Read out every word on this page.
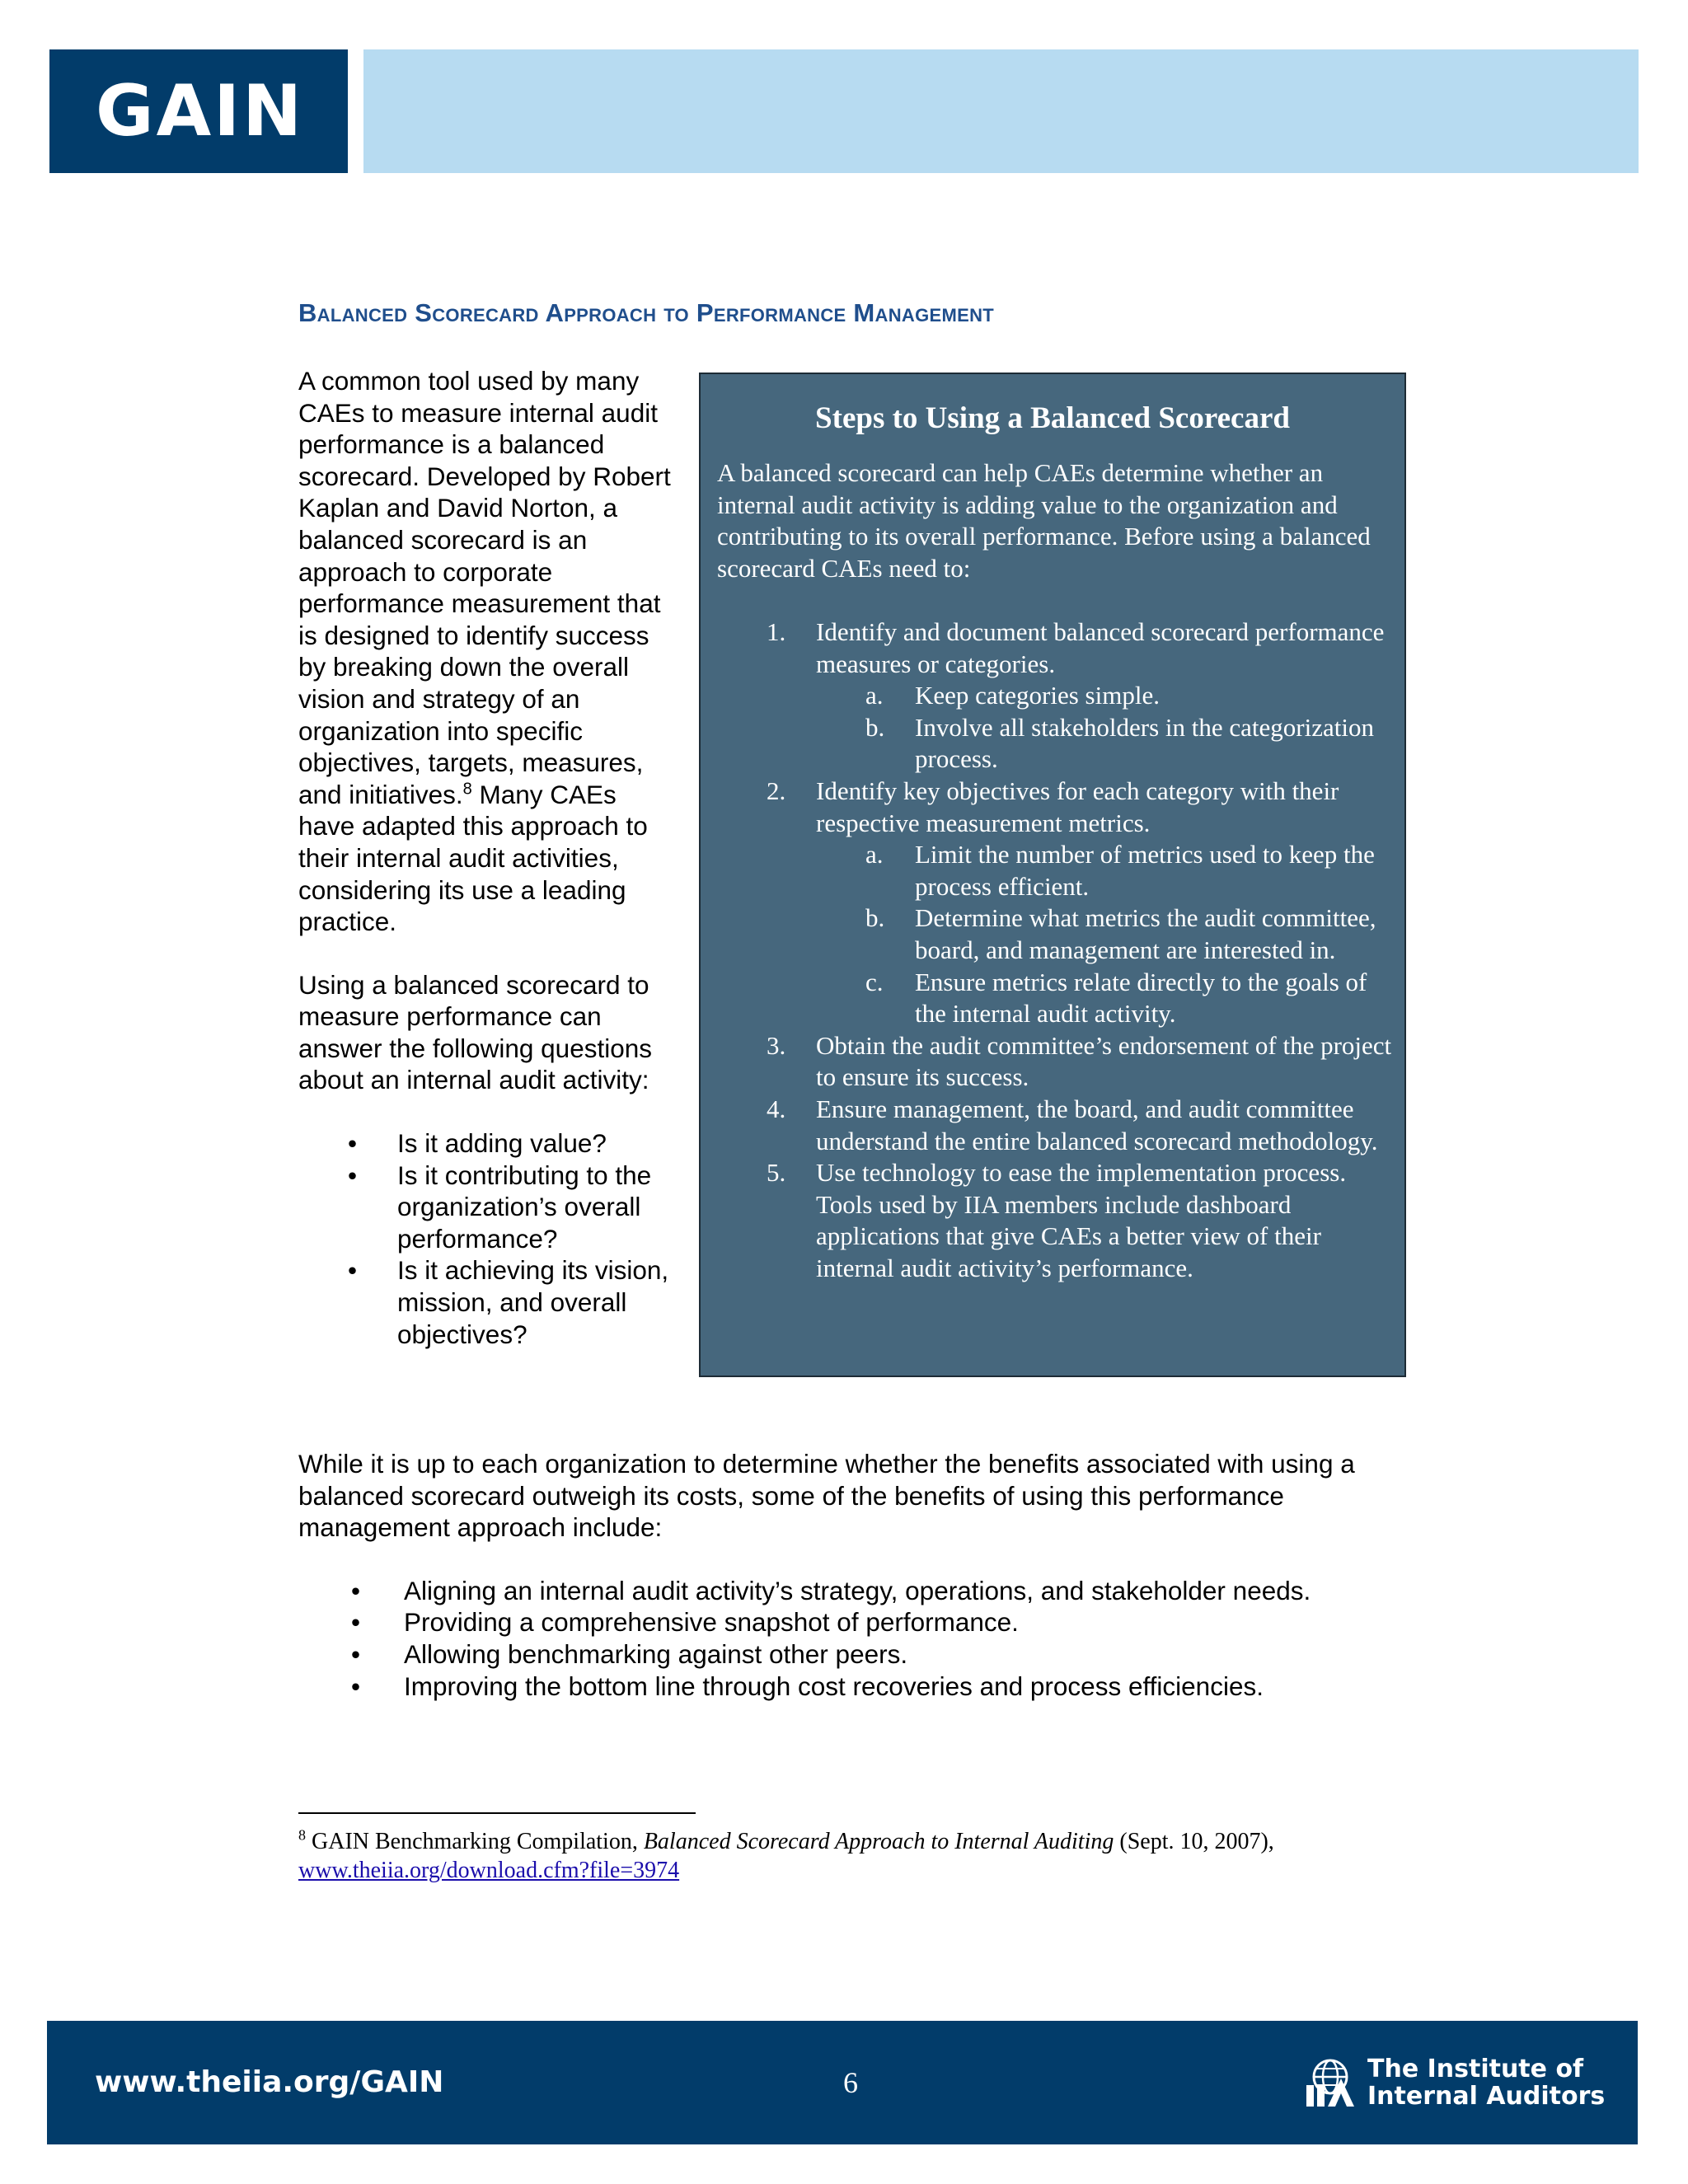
GAIN
Balanced Scorecard Approach to Performance Management

A common tool used by many CAEs to measure internal audit performance is a balanced scorecard. Developed by Robert Kaplan and David Norton, a balanced scorecard is an approach to corporate performance measurement that is designed to identify success by breaking down the overall vision and strategy of an organization into specific objectives, targets, measures, and initiatives.$^8$ Many CAEs have adapted this approach to their internal audit activities, considering its use a leading practice.

Using a balanced scorecard to measure performance can answer the following questions about an internal audit activity:

• Is it adding value?
• Is it contributing to the organization’s overall performance?
• Is it achieving its vision, mission, and overall objectives?
Steps to Using a Balanced Scorecard

A balanced scorecard can help CAEs determine whether an internal audit activity is adding value to the organization and contributing to its overall performance. Before using a balanced scorecard CAEs need to:

1. Identify and document balanced scorecard performance measures or categories.
a. Keep categories simple.
b. Involve all stakeholders in the categorization process.
2. Identify key objectives for each category with their respective measurement metrics.
a. Limit the number of metrics used to keep the process efficient.
b. Determine what metrics the audit committee, board, and management are interested in.
c. Ensure metrics relate directly to the goals of the internal audit activity.
3. Obtain the audit committee’s endorsement of the project to ensure its success.
4. Ensure management, the board, and audit committee understand the entire balanced scorecard methodology.
5. Use technology to ease the implementation process. Tools used by IIA members include dashboard applications that give CAEs a better view of their internal audit activity’s performance.

While it is up to each organization to determine whether the benefits associated with using a balanced scorecard outweigh its costs, some of the benefits of using this performance management approach include:

• Aligning an internal audit activity’s strategy, operations, and stakeholder needs.
• Providing a comprehensive snapshot of performance.
• Allowing benchmarking against other peers.
• Improving the bottom line through cost recoveries and process efficiencies.
$^8$ GAIN Benchmarking Compilation, Balanced Scorecard Approach to Internal Auditing (Sept. 10, 2007),
www.theiia.org/download.cfm?file=3974
www.theiia.org/GAIN	6	The Institute of
Internal Auditors
